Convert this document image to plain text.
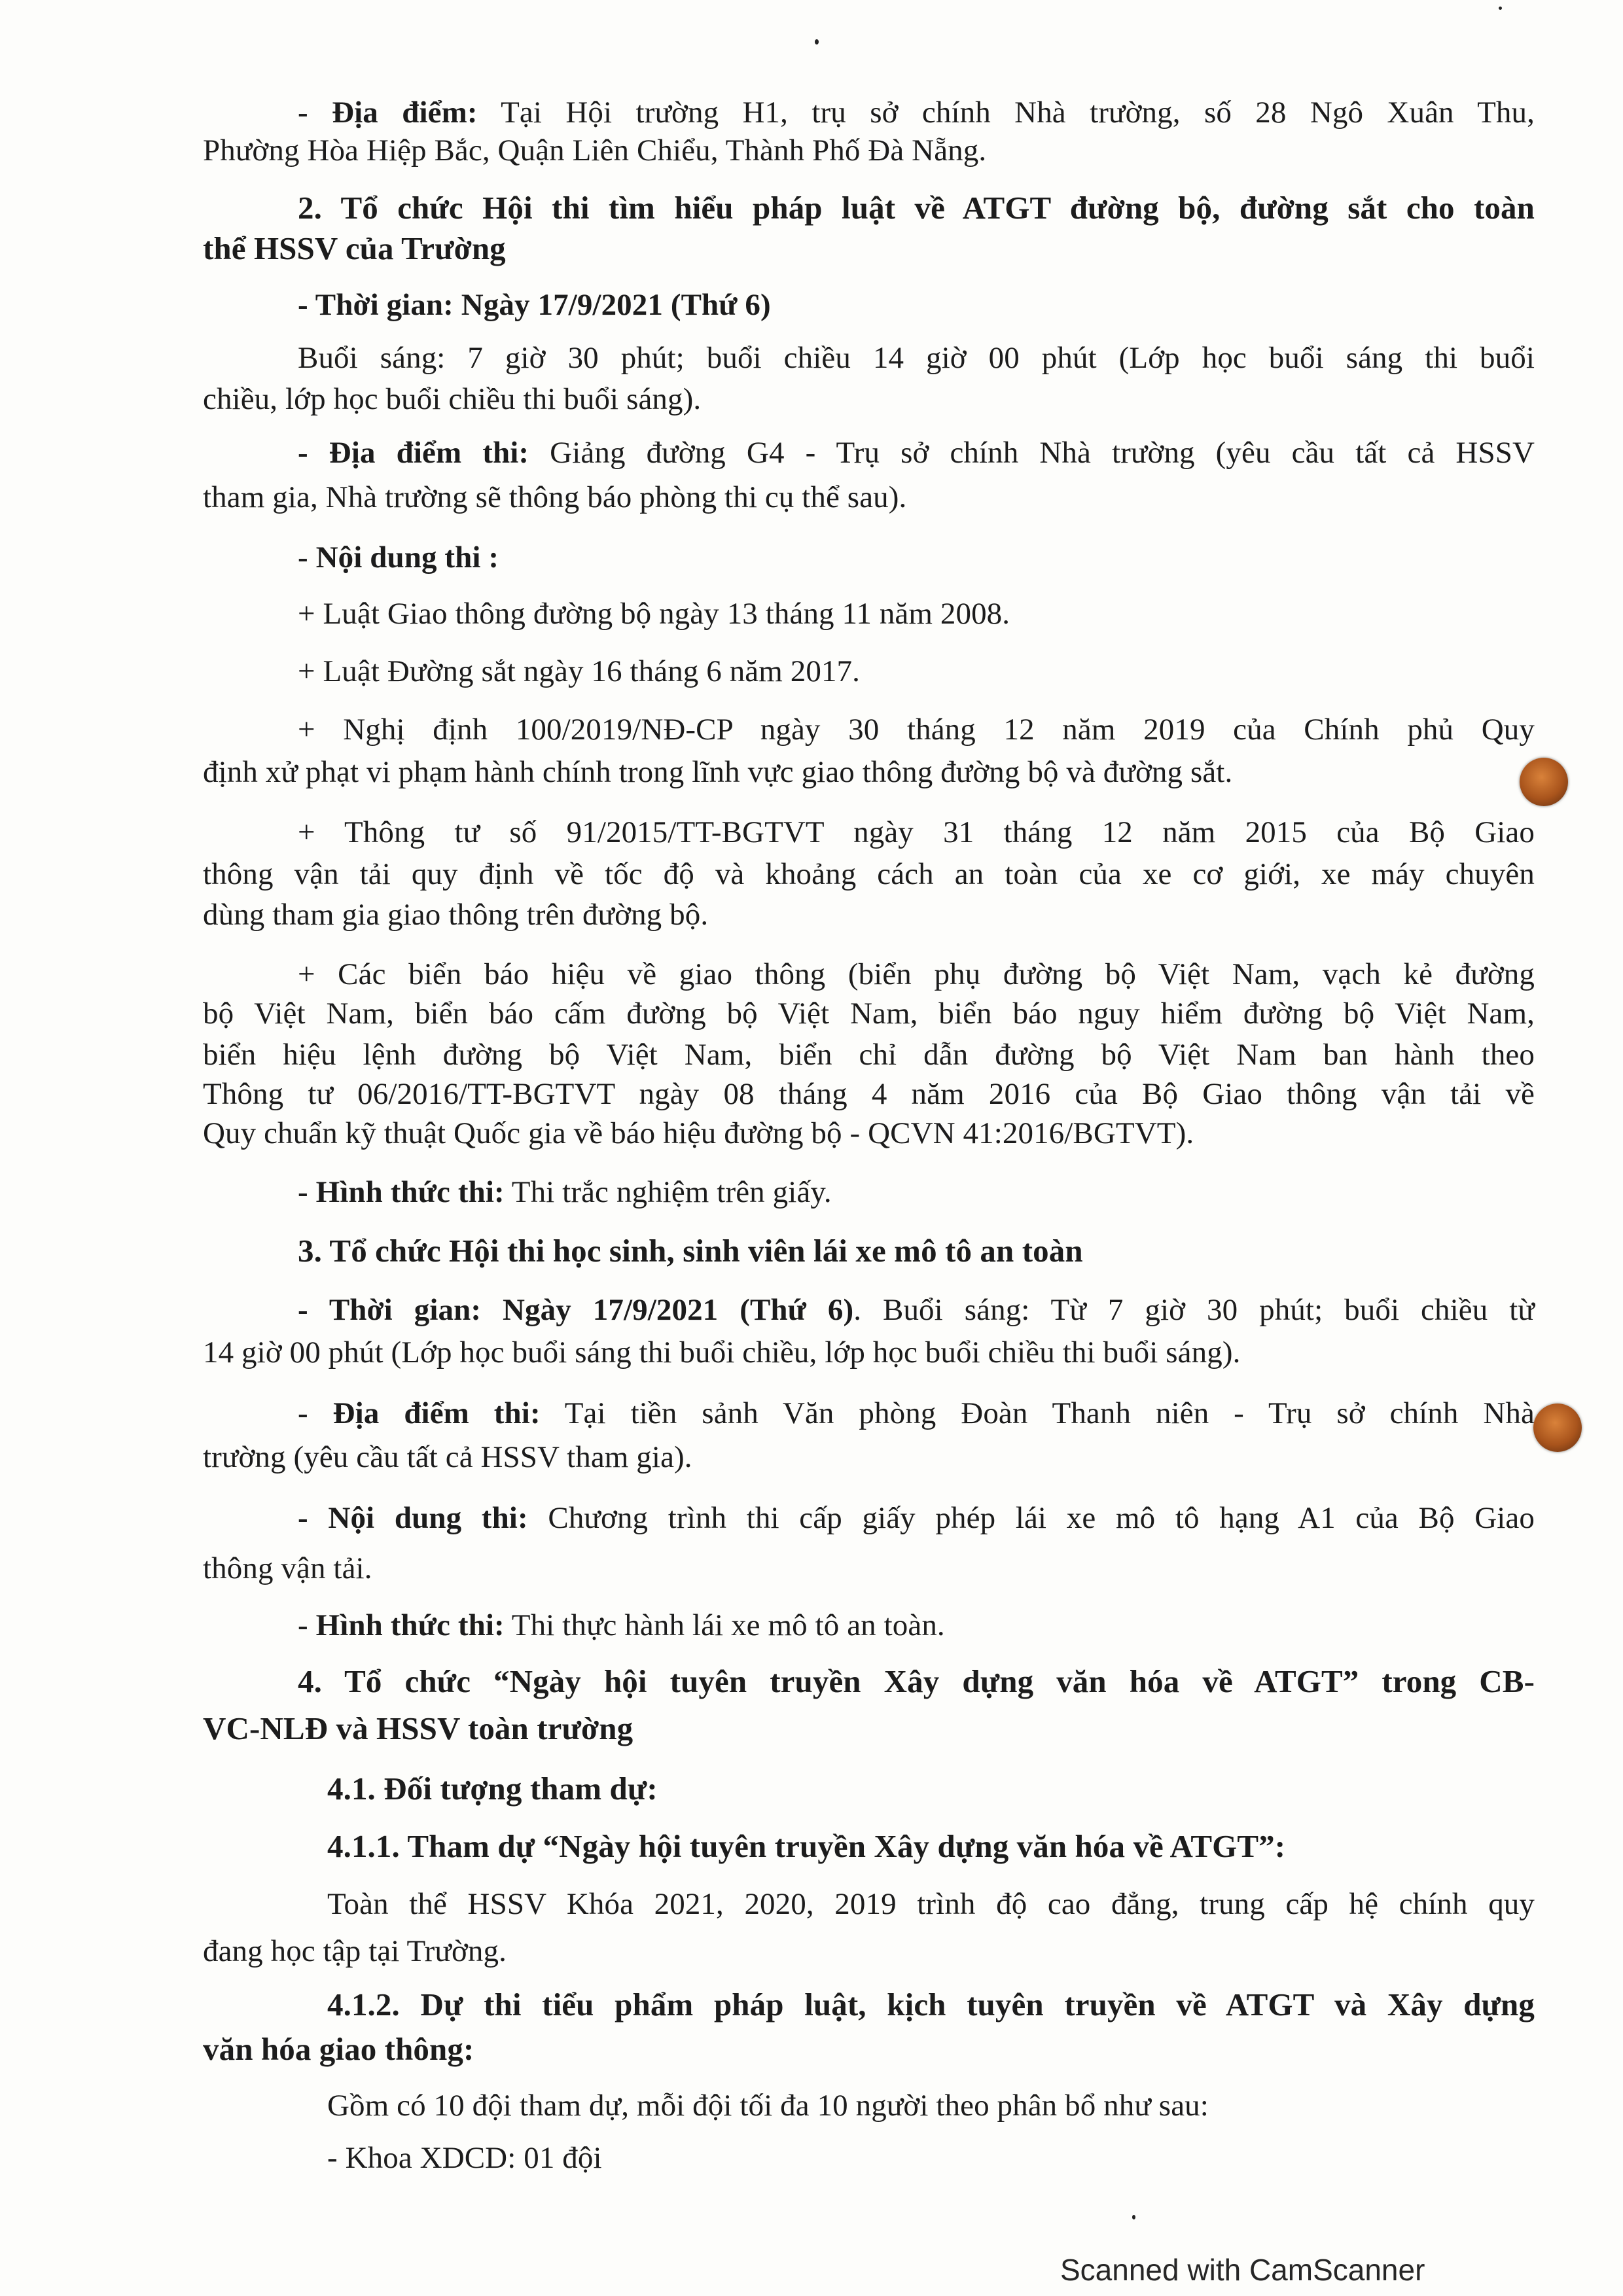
- Địa điểm: Tại Hội trường H1, trụ sở chính Nhà trường, số 28 Ngô Xuân Thu,
Phường Hòa Hiệp Bắc, Quận Liên Chiểu, Thành Phố Đà Nẵng.
2. Tổ chức Hội thi tìm hiểu pháp luật về ATGT đường bộ, đường sắt cho toàn
thể HSSV của Trường
- Thời gian: Ngày 17/9/2021 (Thứ 6)
Buổi sáng: 7 giờ 30 phút; buổi chiều 14 giờ 00 phút (Lớp học buổi sáng thi buổi
chiều, lớp học buổi chiều thi buổi sáng).
- Địa điểm thi: Giảng đường G4 - Trụ sở chính Nhà trường (yêu cầu tất cả HSSV
tham gia, Nhà trường sẽ thông báo phòng thi cụ thể sau).
- Nội dung thi :
+ Luật Giao thông đường bộ ngày 13 tháng 11 năm 2008.
+ Luật Đường sắt ngày 16 tháng 6 năm 2017.
+ Nghị định 100/2019/NĐ-CP ngày 30 tháng 12 năm 2019 của Chính phủ Quy
định xử phạt vi phạm hành chính trong lĩnh vực giao thông đường bộ và đường sắt.
+ Thông tư số 91/2015/TT-BGTVT ngày 31 tháng 12 năm 2015 của Bộ Giao
thông vận tải quy định về tốc độ và khoảng cách an toàn của xe cơ giới, xe máy chuyên
dùng tham gia giao thông trên đường bộ.
+ Các biển báo hiệu về giao thông (biển phụ đường bộ Việt Nam, vạch kẻ đường
bộ Việt Nam, biển báo cấm đường bộ Việt Nam, biển báo nguy hiểm đường bộ Việt Nam,
biển hiệu lệnh đường bộ Việt Nam, biển chỉ dẫn đường bộ Việt Nam ban hành theo
Thông tư 06/2016/TT-BGTVT ngày 08 tháng 4 năm 2016 của Bộ Giao thông vận tải về
Quy chuẩn kỹ thuật Quốc gia về báo hiệu đường bộ - QCVN 41:2016/BGTVT).
- Hình thức thi: Thi trắc nghiệm trên giấy.
3. Tổ chức Hội thi học sinh, sinh viên lái xe mô tô an toàn
- Thời gian: Ngày 17/9/2021 (Thứ 6). Buổi sáng: Từ 7 giờ 30 phút; buổi chiều từ
14 giờ 00 phút (Lớp học buổi sáng thi buổi chiều, lớp học buổi chiều thi buổi sáng).
- Địa điểm thi: Tại tiền sảnh Văn phòng Đoàn Thanh niên - Trụ sở chính Nhà
trường (yêu cầu tất cả HSSV tham gia).
- Nội dung thi: Chương trình thi cấp giấy phép lái xe mô tô hạng A1 của Bộ Giao
thông vận tải.
- Hình thức thi: Thi thực hành lái xe mô tô an toàn.
4. Tổ chức “Ngày hội tuyên truyền Xây dựng văn hóa về ATGT” trong CB-
VC-NLĐ và HSSV toàn trường
4.1. Đối tượng tham dự:
4.1.1. Tham dự “Ngày hội tuyên truyền Xây dựng văn hóa về ATGT”:
Toàn thể HSSV Khóa 2021, 2020, 2019 trình độ cao đẳng, trung cấp hệ chính quy
đang học tập tại Trường.
4.1.2. Dự thi tiểu phẩm pháp luật, kịch tuyên truyền về ATGT và Xây dựng
văn hóa giao thông:
Gồm có 10 đội tham dự, mỗi đội tối đa 10 người theo phân bổ như sau:
- Khoa XDCD: 01 đội
Scanned with CamScanner
